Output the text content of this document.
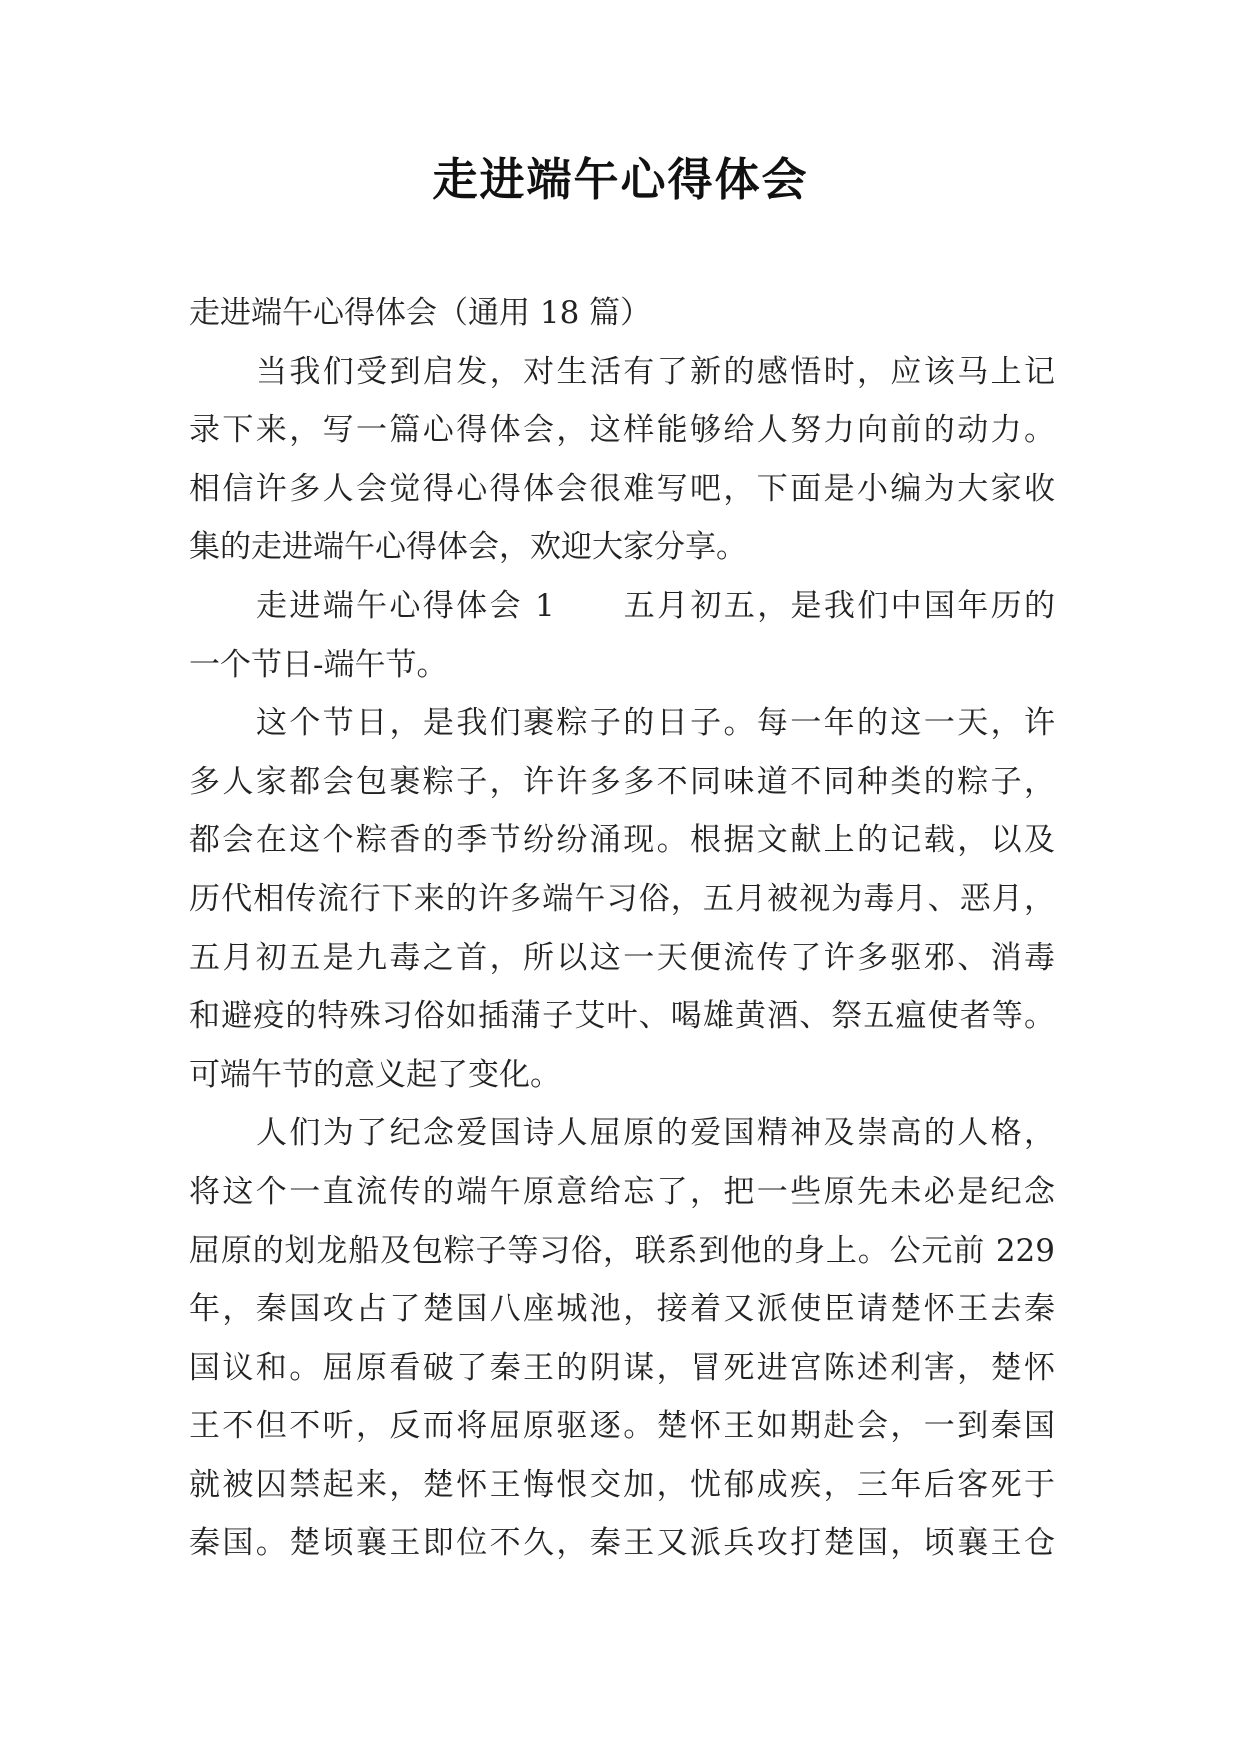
走进端午心得体会
走进端午心得体会（通用 18 篇）
当我们受到启发，对生活有了新的感悟时，应该马上记
录下来，写一篇心得体会，这样能够给人努力向前的动力。
相信许多人会觉得心得体会很难写吧，下面是小编为大家收
集的走进端午心得体会，欢迎大家分享。
走进端午心得体会 1　　五月初五，是我们中国年历的
一个节日-端午节。
这个节日，是我们裹粽子的日子。每一年的这一天，许
多人家都会包裹粽子，许许多多不同味道不同种类的粽子，
都会在这个粽香的季节纷纷涌现。根据文献上的记载，以及
历代相传流行下来的许多端午习俗，五月被视为毒月、恶月，
五月初五是九毒之首，所以这一天便流传了许多驱邪、消毒
和避疫的特殊习俗如插蒲子艾叶、喝雄黄酒、祭五瘟使者等。
可端午节的意义起了变化。
人们为了纪念爱国诗人屈原的爱国精神及崇高的人格，
将这个一直流传的端午原意给忘了，把一些原先未必是纪念
屈原的划龙船及包粽子等习俗，联系到他的身上。公元前 229
年，秦国攻占了楚国八座城池，接着又派使臣请楚怀王去秦
国议和。屈原看破了秦王的阴谋，冒死进宫陈述利害，楚怀
王不但不听，反而将屈原驱逐。楚怀王如期赴会，一到秦国
就被囚禁起来，楚怀王悔恨交加，忧郁成疾，三年后客死于
秦国。楚顷襄王即位不久，秦王又派兵攻打楚国，顷襄王仓
